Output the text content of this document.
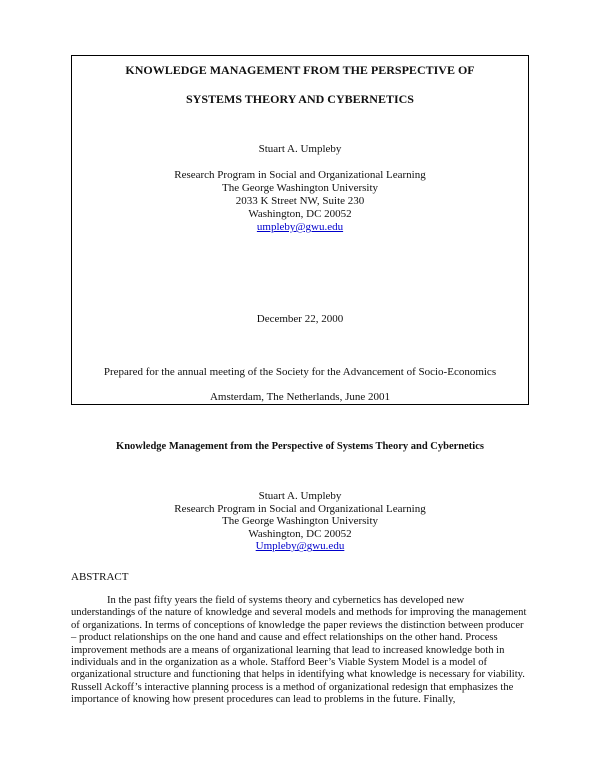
KNOWLEDGE MANAGEMENT FROM THE PERSPECTIVE OF
SYSTEMS THEORY AND CYBERNETICS
Stuart A. Umpleby
Research Program in Social and Organizational Learning
The George Washington University
2033 K Street NW, Suite 230
Washington, DC 20052
umpleby@gwu.edu
December 22, 2000
Prepared for the annual meeting of the Society for the Advancement of Socio-Economics
Amsterdam, The Netherlands, June 2001
Knowledge Management from the Perspective of Systems Theory and Cybernetics
Stuart A. Umpleby
Research Program in Social and Organizational Learning
The George Washington University
Washington, DC 20052
Umpleby@gwu.edu
ABSTRACT

In the past fifty years the field of systems theory and cybernetics has developed new understandings of the nature of knowledge and several models and methods for improving the management of organizations. In terms of conceptions of knowledge the paper reviews the distinction between producer – product relationships on the one hand and cause and effect relationships on the other hand. Process improvement methods are a means of organizational learning that lead to increased knowledge both in individuals and in the organization as a whole. Stafford Beer’s Viable System Model is a model of organizational structure and functioning that helps in identifying what knowledge is necessary for viability. Russell Ackoff’s interactive planning process is a method of organizational redesign that emphasizes the importance of knowing how present procedures can lead to problems in the future. Finally,
